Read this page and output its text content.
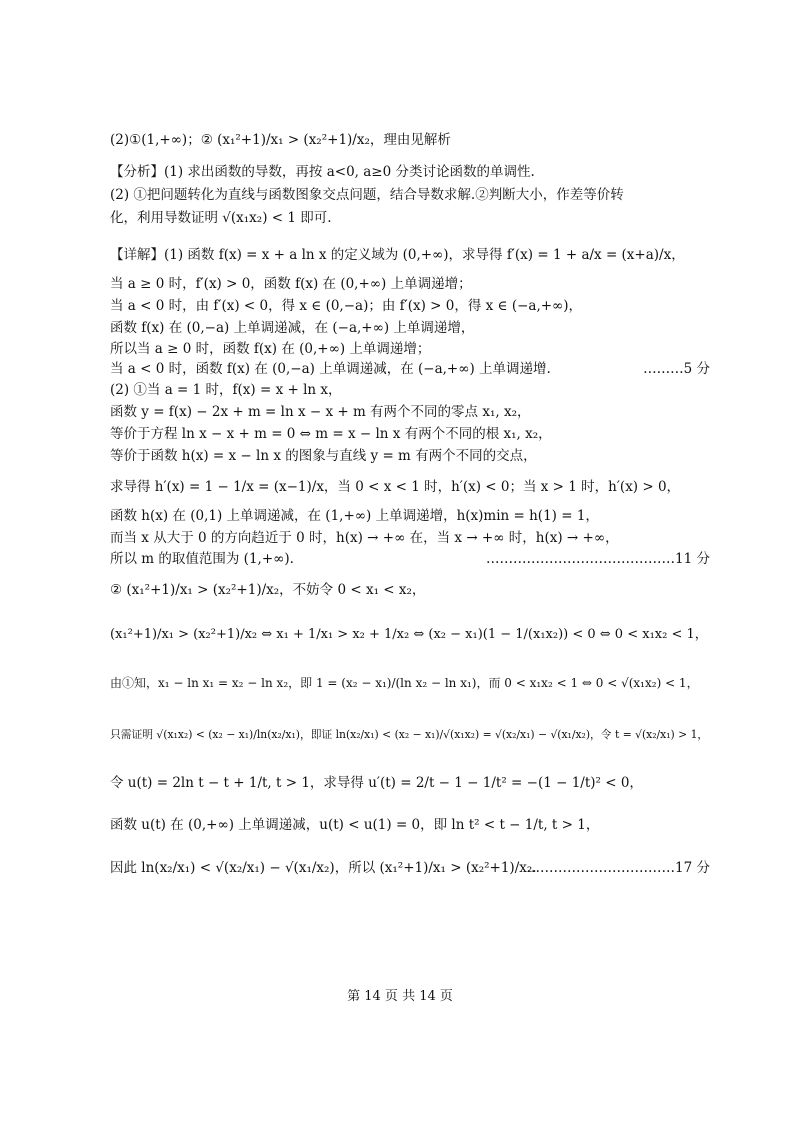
(2)①(1,+∞)；② (x₁²+1)/x₁ > (x₂²+1)/x₂，理由见解析
【分析】(1) 求出函数的导数，再按 a<0, a≥0 分类讨论函数的单调性.
(2) ①把问题转化为直线与函数图象交点问题，结合导数求解.②判断大小，作差等价转
化，利用导数证明 √(x₁x₂) < 1 即可.
【详解】(1) 函数 f(x) = x + a ln x 的定义域为 (0,+∞)，求导得 f′(x) = 1 + a/x = (x+a)/x，
当 a ≥ 0 时，f′(x) > 0，函数 f(x) 在 (0,+∞) 上单调递增；
当 a < 0 时，由 f′(x) < 0，得 x ∈ (0,−a)；由 f′(x) > 0，得 x ∈ (−a,+∞)，
函数 f(x) 在 (0,−a) 上单调递减，在 (−a,+∞) 上单调递增，
所以当 a ≥ 0 时，函数 f(x) 在 (0,+∞) 上单调递增；
当 a < 0 时，函数 f(x) 在 (0,−a) 上单调递减，在 (−a,+∞) 上单调递增.	………5 分
(2) ①当 a = 1 时，f(x) = x + ln x，
函数 y = f(x) − 2x + m = ln x − x + m 有两个不同的零点 x₁, x₂，
等价于方程 ln x − x + m = 0 ⇔ m = x − ln x 有两个不同的根 x₁, x₂，
等价于函数 h(x) = x − ln x 的图象与直线 y = m 有两个不同的交点，
求导得 h′(x) = 1 − 1/x = (x−1)/x，当 0 < x < 1 时，h′(x) < 0；当 x > 1 时，h′(x) > 0，
函数 h(x) 在 (0,1) 上单调递减，在 (1,+∞) 上单调递增，h(x)min = h(1) = 1，
而当 x 从大于 0 的方向趋近于 0 时，h(x) → +∞ 在，当 x → +∞ 时，h(x) → +∞，
所以 m 的取值范围为 (1,+∞).	……………………………………11 分
② (x₁²+1)/x₁ > (x₂²+1)/x₂，不妨令 0 < x₁ < x₂，
(x₁²+1)/x₁ > (x₂²+1)/x₂ ⇔ x₁ + 1/x₁ > x₂ + 1/x₂ ⇔ (x₂ − x₁)(1 − 1/(x₁x₂)) < 0 ⇔ 0 < x₁x₂ < 1，
由①知，x₁ − ln x₁ = x₂ − ln x₂，即 1 = (x₂ − x₁)/(ln x₂ − ln x₁)，而 0 < x₁x₂ < 1 ⇔ 0 < √(x₁x₂) < 1，
只需证明 √(x₁x₂) < (x₂ − x₁)/ln(x₂/x₁)，即证 ln(x₂/x₁) < (x₂ − x₁)/√(x₁x₂) = √(x₂/x₁) − √(x₁/x₂)，令 t = √(x₂/x₁) > 1，
令 u(t) = 2ln t − t + 1/t, t > 1，求导得 u′(t) = 2/t − 1 − 1/t² = −(1 − 1/t)² < 0，
函数 u(t) 在 (0,+∞) 上单调递减，u(t) < u(1) = 0，即 ln t² < t − 1/t, t > 1，
因此 ln(x₂/x₁) < √(x₂/x₁) − √(x₁/x₂)，所以 (x₁²+1)/x₁ > (x₂²+1)/x₂.
……………………………17 分
第 14 页 共 14 页
